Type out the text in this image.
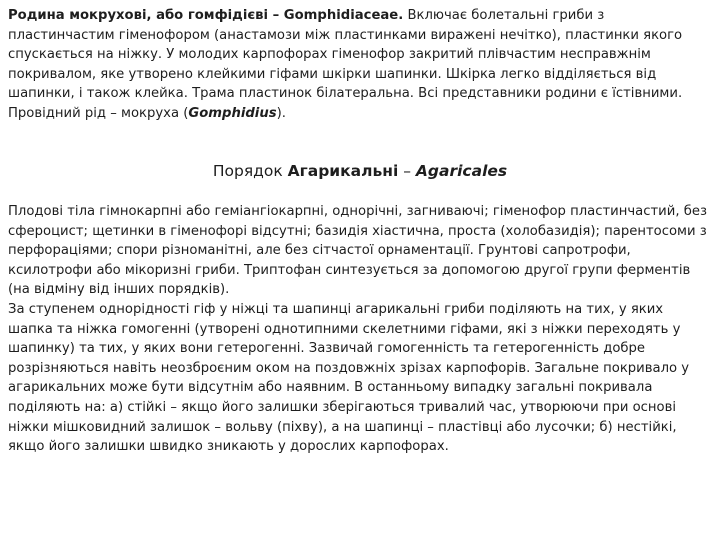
Родина мокрухові, або гомфідієві – Gomphidiaceae. Включає болетальні гриби з пластинчастим гіменофором (анастамози між пластинками виражені нечітко), пластинки якого спускається на ніжку. У молодих карпофорах гіменофор закритий плівчастим несправжнім покривалом, яке утворено клейкими гіфами шкірки шапинки. Шкірка легко відділяється від шапинки, і також клейка. Трама пластинок білатеральна. Всі представники родини є їстівними. Провідний рід – мокруха (Gomphidius).
Порядок Агарикальні – Agaricales

Плодові тіла гімнокарпні або геміангіокарпні, однорічні, загниваючі; гіменофор пластинчастий, без сфероцист; щетинки в гіменофорі відсутні; базидія хіастична, проста (холобазидія); парентосоми з перфораціями; спори різноманітні, але без сітчастої орнаментації. Грунтові сапротрофи, ксилотрофи або мікоризні гриби. Триптофан синтезується за допомогою другої групи ферментів (на відміну від інших порядків).

За ступенем однорідності гіф у ніжці та шапинці агарикальні гриби поділяють на тих, у яких шапка та ніжка гомогенні (утворені однотипними скелетними гіфами, які з ніжки переходять у шапинку) та тих, у яких вони гетерогенні. Зазвичай гомогенність та гетерогенність добре розрізняються навіть неозброєним оком на поздовжніх зрізах карпофорів. Загальне покривало у агарикальних може бути відсутнім або наявним. В останньому випадку загальні покривала поділяють на: а) стійкі – якщо його залишки зберігаються тривалий час, утворюючи при основі ніжки мішковидний залишок – вольву (піхву), а на шапинці – пластівці або лусочки; б) нестійкі, якщо його залишки швидко зникають у дорослих карпофорах.
